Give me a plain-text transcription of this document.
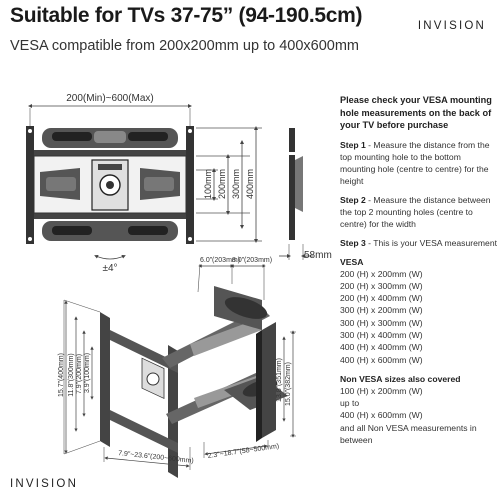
Suitable for TVs 37-75” (94-190.5cm)
VESA compatible from 200x200mm up to 400x600mm
INVISION
200(Min)~600(Max)
100mm 200mm 300mm 400mm
±4°
58mm
6.0”(203mm)
8.0”(203mm)
15.7”(400mm) 11.8”(300mm) 7.9”(200mm) 3.9”(100mm)
7.9”~23.6”(200~600mm) 2.3”~18.7”(58~500mm)
13.8”(351mm) 15.0”(382mm)
Please check your VESA mounting hole measurements on the back of your TV before purchase
Step 1 - Measure the distance from the top mounting hole to the bottom mounting hole (centre to centre) for the height
Step 2 - Measure the distance between the top 2 mounting holes (centre to centre) for the width
Step 3 - This is your VESA measurement
VESA
200 (H) x 200mm (W)
200 (H) x 300mm (W)
200 (H) x 400mm (W)
300 (H) x 200mm (W)
300 (H) x 300mm (W)
300 (H) x 400mm (W)
400 (H) x 400mm (W)
400 (H) x 600mm (W)
Non VESA sizes also covered
100 (H) x 200mm (W)
up to
400 (H) x 600mm (W)
and all Non VESA measurements in between
INVISION
